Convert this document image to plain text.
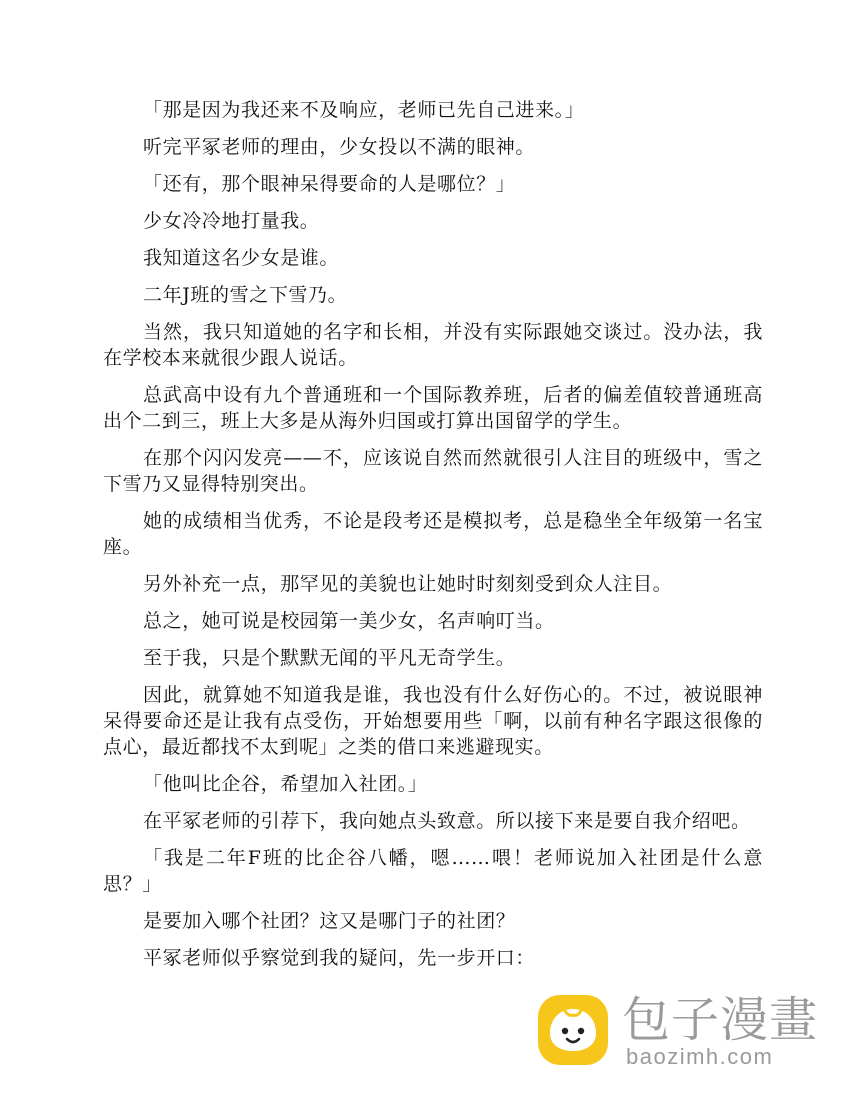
「那是因为我还来不及响应，老师已先自己进来。」

听完平冢老师的理由，少女投以不满的眼神。

「还有，那个眼神呆得要命的人是哪位？」

少女冷冷地打量我。

我知道这名少女是谁。

二年J班的雪之下雪乃。

当然，我只知道她的名字和长相，并没有实际跟她交谈过。没办法，我在学校本来就很少跟人说话。

总武高中设有九个普通班和一个国际教养班，后者的偏差值较普通班高出个二到三，班上大多是从海外归国或打算出国留学的学生。

在那个闪闪发亮——不，应该说自然而然就很引人注目的班级中，雪之下雪乃又显得特别突出。

她的成绩相当优秀，不论是段考还是模拟考，总是稳坐全年级第一名宝座。

另外补充一点，那罕见的美貌也让她时时刻刻受到众人注目。

总之，她可说是校园第一美少女，名声响叮当。

至于我，只是个默默无闻的平凡无奇学生。

因此，就算她不知道我是谁，我也没有什么好伤心的。不过，被说眼神呆得要命还是让我有点受伤，开始想要用些「啊，以前有种名字跟这很像的点心，最近都找不太到呢」之类的借口来逃避现实。

「他叫比企谷，希望加入社团。」

在平冢老师的引荐下，我向她点头致意。所以接下来是要自我介绍吧。

「我是二年F班的比企谷八幡，嗯……喂！老师说加入社团是什么意思？」

是要加入哪个社团？这又是哪门子的社团？

平冢老师似乎察觉到我的疑问，先一步开口：

包子漫畫
baozimh.com
